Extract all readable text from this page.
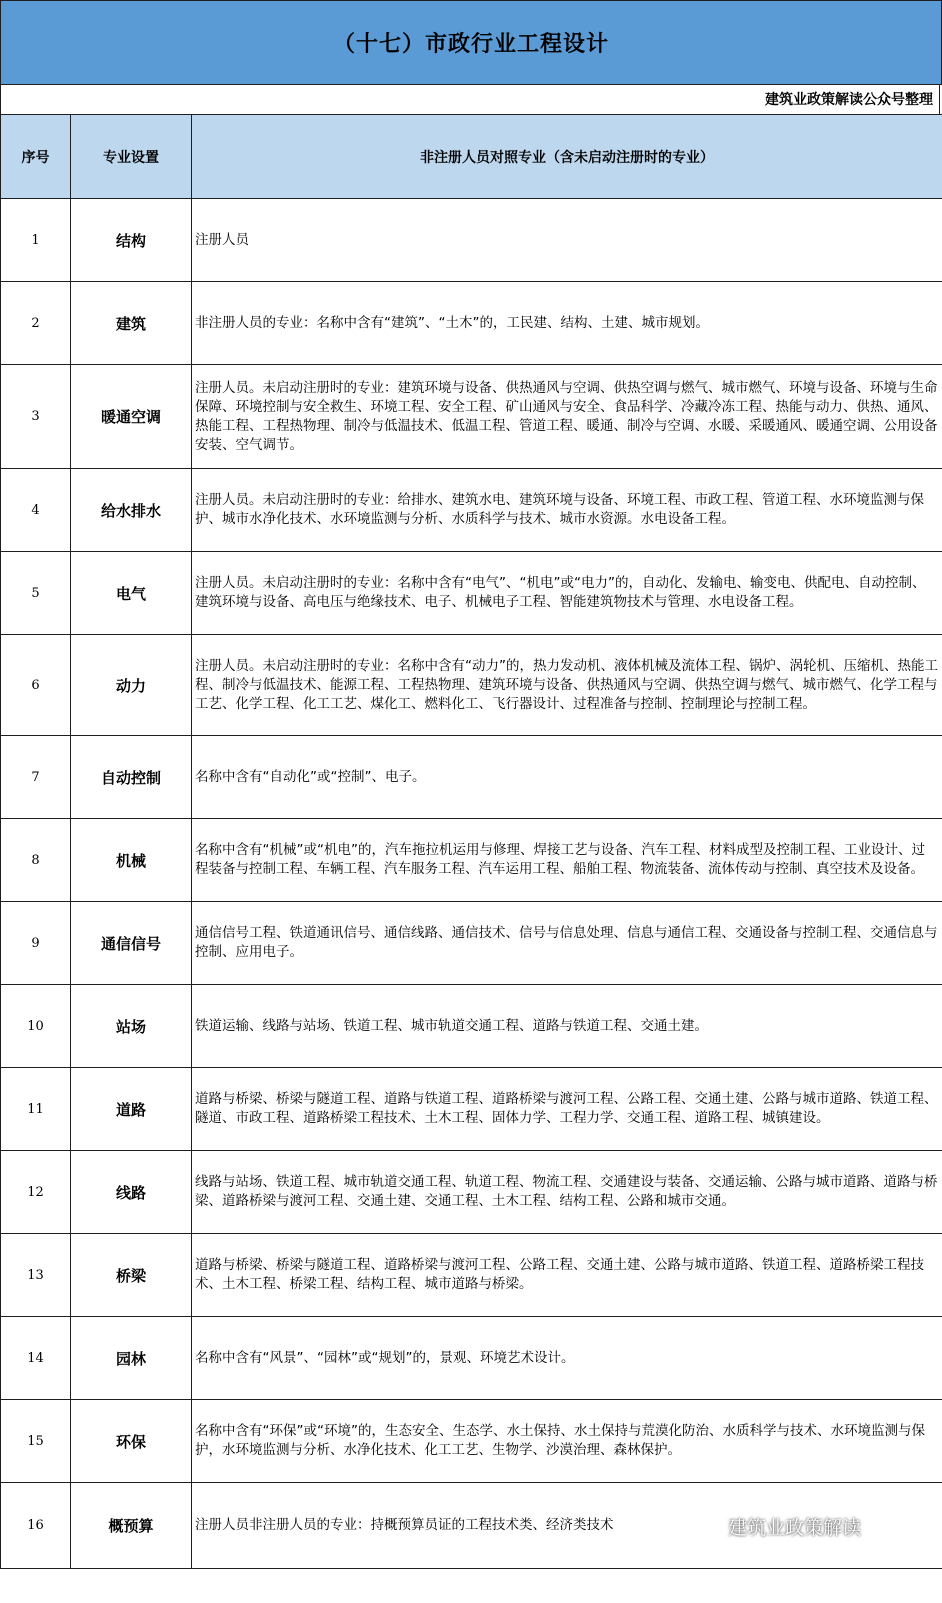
（十七）市政行业工程设计
建筑业政策解读公众号整理
序号	专业设置	非注册人员对照专业（含未启动注册时的专业）
1	结构	注册人员
2	建筑	非注册人员的专业：名称中含有“建筑”、“土木”的，工民建、结构、土建、城市规划。
3	暖通空调	注册人员。未启动注册时的专业：建筑环境与设备、供热通风与空调、供热空调与燃气、城市燃气、环境与设备、环境与生命保障、环境控制与安全救生、环境工程、安全工程、矿山通风与安全、食品科学、冷藏冷冻工程、热能与动力、供热、通风、热能工程、工程热物理、制冷与低温技术、低温工程、管道工程、暖通、制冷与空调、水暖、采暖通风、暖通空调、公用设备安装、空气调节。
4	给水排水	注册人员。未启动注册时的专业：给排水、建筑水电、建筑环境与设备、环境工程、市政工程、管道工程、水环境监测与保护、城市水净化技术、水环境监测与分析、水质科学与技术、城市水资源。水电设备工程。
5	电气	注册人员。未启动注册时的专业：名称中含有“电气”、“机电”或“电力”的，自动化、发输电、输变电、供配电、自动控制、建筑环境与设备、高电压与绝缘技术、电子、机械电子工程、智能建筑物技术与管理、水电设备工程。
6	动力	注册人员。未启动注册时的专业：名称中含有“动力”的，热力发动机、液体机械及流体工程、锅炉、涡轮机、压缩机、热能工程、制冷与低温技术、能源工程、工程热物理、建筑环境与设备、供热通风与空调、供热空调与燃气、城市燃气、化学工程与工艺、化学工程、化工工艺、煤化工、燃料化工、飞行器设计、过程准备与控制、控制理论与控制工程。
7	自动控制	名称中含有“自动化”或“控制”、电子。
8	机械	名称中含有“机械”或“机电”的，汽车拖拉机运用与修理、焊接工艺与设备、汽车工程、材料成型及控制工程、工业设计、过程装备与控制工程、车辆工程、汽车服务工程、汽车运用工程、船舶工程、物流装备、流体传动与控制、真空技术及设备。
9	通信信号	通信信号工程、铁道通讯信号、通信线路、通信技术、信号与信息处理、信息与通信工程、交通设备与控制工程、交通信息与控制、应用电子。
10	站场	铁道运输、线路与站场、铁道工程、城市轨道交通工程、道路与铁道工程、交通土建。
11	道路	道路与桥梁、桥梁与隧道工程、道路与铁道工程、道路桥梁与渡河工程、公路工程、交通土建、公路与城市道路、铁道工程、隧道、市政工程、道路桥梁工程技术、土木工程、固体力学、工程力学、交通工程、道路工程、城镇建设。
12	线路	线路与站场、铁道工程、城市轨道交通工程、轨道工程、物流工程、交通建设与装备、交通运输、公路与城市道路、道路与桥梁、道路桥梁与渡河工程、交通土建、交通工程、土木工程、结构工程、公路和城市交通。
13	桥梁	道路与桥梁、桥梁与隧道工程、道路桥梁与渡河工程、公路工程、交通土建、公路与城市道路、铁道工程、道路桥梁工程技术、土木工程、桥梁工程、结构工程、城市道路与桥梁。
14	园林	名称中含有“风景”、“园林”或“规划”的，景观、环境艺术设计。
15	环保	名称中含有“环保”或“环境”的，生态安全、生态学、水土保持、水土保持与荒漠化防治、水质科学与技术、水环境监测与保护，水环境监测与分析、水净化技术、化工工艺、生物学、沙漠治理、森林保护。
16	概预算	注册人员非注册人员的专业：持概预算员证的工程技术类、经济类技术	建筑业政策解读
